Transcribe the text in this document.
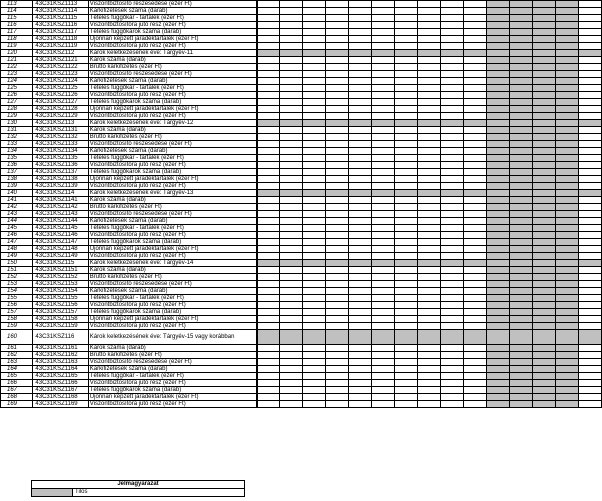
113	43C31KSZ1113	Viszontbiztosító részesedése (ezer Ft)															
114	43C31KSZ1114	Kárkifizetések száma (darab)															
115	43C31KSZ1115	Tételes függőkár - tartalék (ezer Ft)															
116	43C31KSZ1116	Viszontbiztosítóra jutó rész (ezer Ft)															
117	43C31KSZ1117	Tételes függőkárok száma (darab)															
118	43C31KSZ1118	Újonnan képzett járadéktartalék (ezer Ft)															
119	43C31KSZ1119	Viszontbiztosítóra jutó rész (ezer Ft)															
120	43C31KSZ112	Károk keletkezésének éve: Tárgyév-11															
121	43C31KSZ1121	Károk száma (darab)															
122	43C31KSZ1122	Bruttó kárkifizetés (ezer Ft)															
123	43C31KSZ1123	Viszontbiztosító részesedése (ezer Ft)															
124	43C31KSZ1124	Kárkifizetések száma (darab)															
125	43C31KSZ1125	Tételes függőkár - tartalék (ezer Ft)															
126	43C31KSZ1126	Viszontbiztosítóra jutó rész (ezer Ft)															
127	43C31KSZ1127	Tételes függőkárok száma (darab)															
128	43C31KSZ1128	Újonnan képzett járadéktartalék (ezer Ft)															
129	43C31KSZ1129	Viszontbiztosítóra jutó rész (ezer Ft)															
130	43C31KSZ113	Károk keletkezésének éve: Tárgyév-12															
131	43C31KSZ1131	Károk száma (darab)															
132	43C31KSZ1132	Bruttó kárkifizetés (ezer Ft)															
133	43C31KSZ1133	Viszontbiztosító részesedése (ezer Ft)															
134	43C31KSZ1134	Kárkifizetések száma (darab)															
135	43C31KSZ1135	Tételes függőkár - tartalék (ezer Ft)															
136	43C31KSZ1136	Viszontbiztosítóra jutó rész (ezer Ft)															
137	43C31KSZ1137	Tételes függőkárok száma (darab)															
138	43C31KSZ1138	Újonnan képzett járadéktartalék (ezer Ft)															
139	43C31KSZ1139	Viszontbiztosítóra jutó rész (ezer Ft)															
140	43C31KSZ114	Károk keletkezésének éve: Tárgyév-13															
141	43C31KSZ1141	Károk száma (darab)															
142	43C31KSZ1142	Bruttó kárkifizetés (ezer Ft)															
143	43C31KSZ1143	Viszontbiztosító részesedése (ezer Ft)															
144	43C31KSZ1144	Kárkifizetések száma (darab)															
145	43C31KSZ1145	Tételes függőkár - tartalék (ezer Ft)															
146	43C31KSZ1146	Viszontbiztosítóra jutó rész (ezer Ft)															
147	43C31KSZ1147	Tételes függőkárok száma (darab)															
148	43C31KSZ1148	Újonnan képzett járadéktartalék (ezer Ft)															
149	43C31KSZ1149	Viszontbiztosítóra jutó rész (ezer Ft)															
150	43C31KSZ115	Károk keletkezésének éve: Tárgyév-14															
151	43C31KSZ1151	Károk száma (darab)															
152	43C31KSZ1152	Bruttó kárkifizetés (ezer Ft)															
153	43C31KSZ1153	Viszontbiztosító részesedése (ezer Ft)															
154	43C31KSZ1154	Kárkifizetések száma (darab)															
155	43C31KSZ1155	Tételes függőkár - tartalék (ezer Ft)															
156	43C31KSZ1156	Viszontbiztosítóra jutó rész (ezer Ft)															
157	43C31KSZ1157	Tételes függőkárok száma (darab)															
158	43C31KSZ1158	Újonnan képzett járadéktartalék (ezer Ft)															
159	43C31KSZ1159	Viszontbiztosítóra jutó rész (ezer Ft)															
160	43C31KSZ116	Károk keletkezésének éve: Tárgyév-15 vagy korábban															
161	43C31KSZ1161	Károk száma (darab)															
162	43C31KSZ1162	Bruttó kárkifizetés (ezer Ft)															
163	43C31KSZ1163	Viszontbiztosító részesedése (ezer Ft)															
164	43C31KSZ1164	Kárkifizetések száma (darab)															
165	43C31KSZ1165	Tételes függőkár - tartalék (ezer Ft)															
166	43C31KSZ1166	Viszontbiztosítóra jutó rész (ezer Ft)															
167	43C31KSZ1167	Tételes függőkárok száma (darab)															
168	43C31KSZ1168	Újonnan képzett járadéktartalék (ezer Ft)															
169	43C31KSZ1169	Viszontbiztosítóra jutó rész (ezer Ft)															
Jelmagyarázat
	Tilos
